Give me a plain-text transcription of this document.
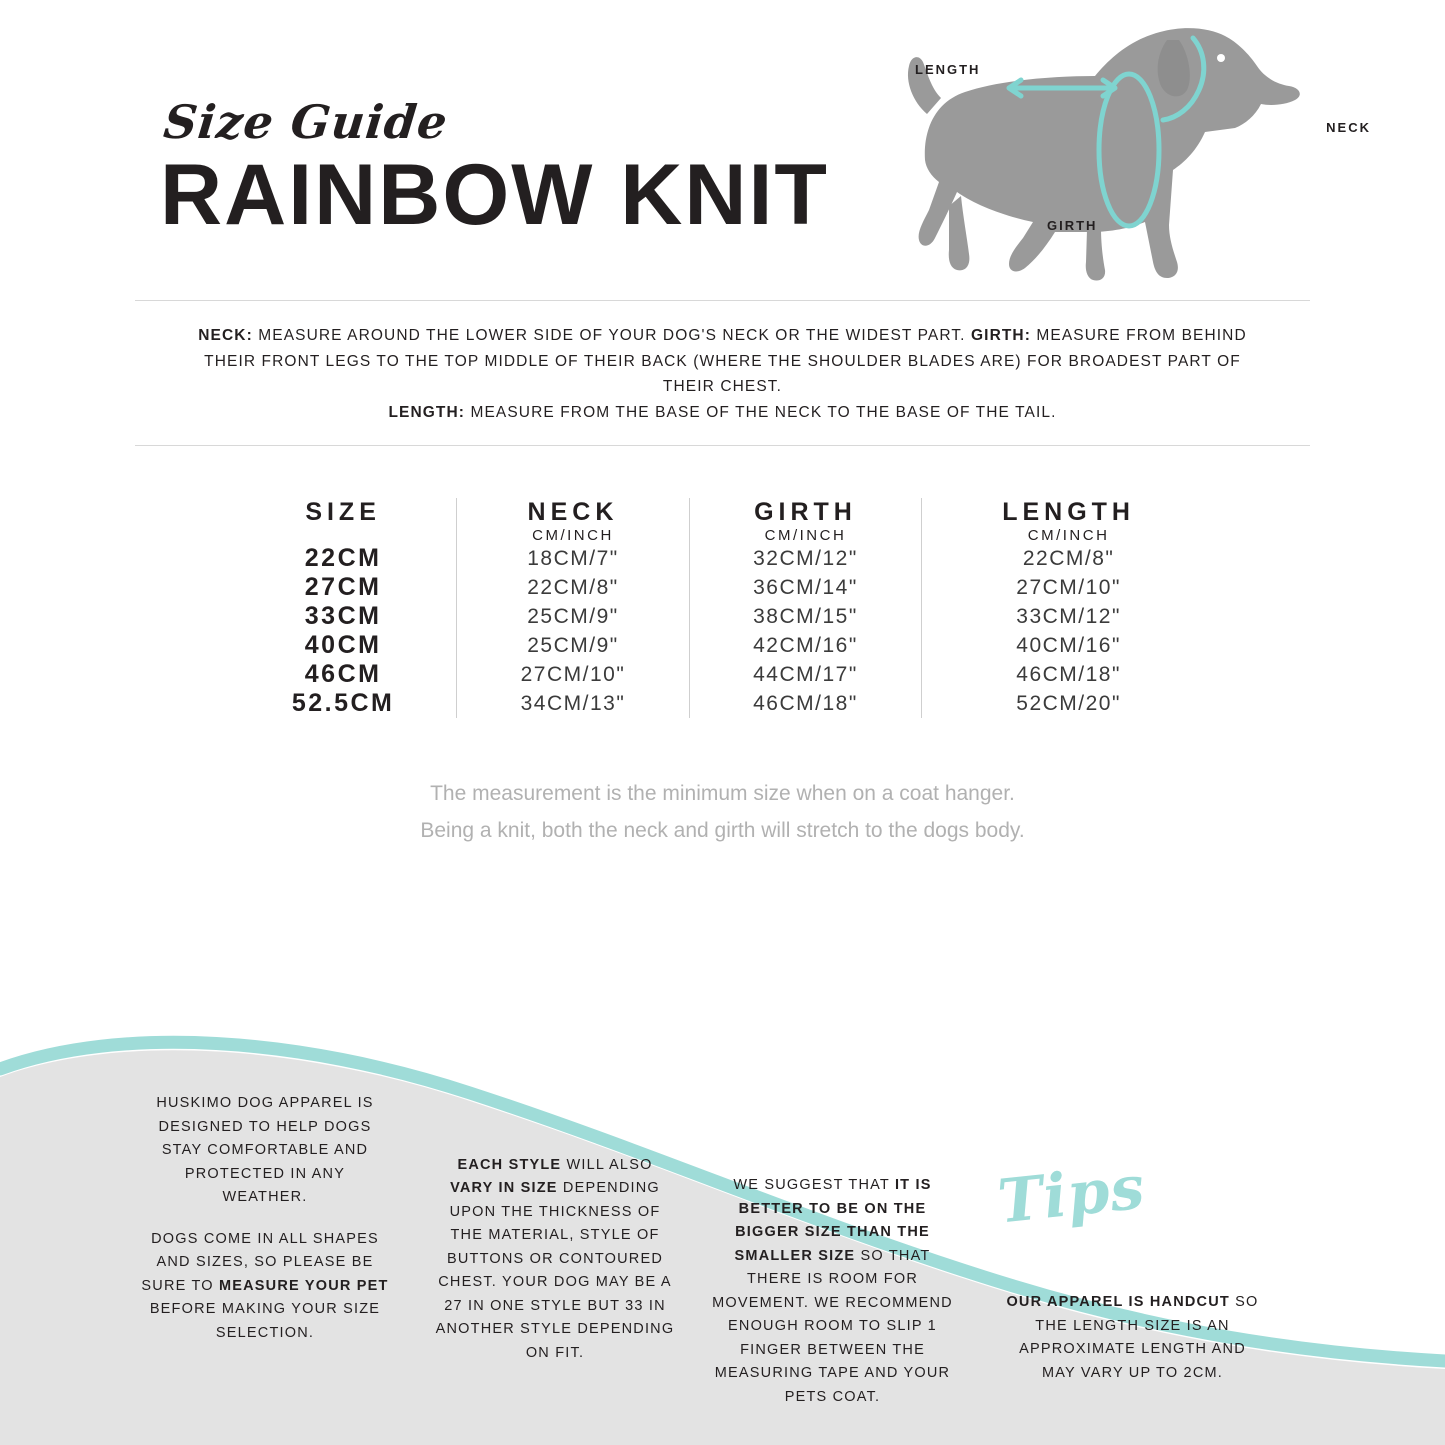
Size Guide
RAINBOW KNIT
LENGTH
NECK
GIRTH
NECK: MEASURE AROUND THE LOWER SIDE OF YOUR DOG'S NECK OR THE WIDEST PART. GIRTH: MEASURE FROM BEHIND THEIR FRONT LEGS TO THE TOP MIDDLE OF THEIR BACK (WHERE THE SHOULDER BLADES ARE) FOR BROADEST PART OF THEIR CHEST.
LENGTH: MEASURE FROM THE BASE OF THE NECK TO THE BASE OF THE TAIL.
SIZE	NECK	GIRTH	LENGTH
	CM/INCH	CM/INCH	CM/INCH
22CM	18CM/7"	32CM/12"	22CM/8"
27CM	22CM/8"	36CM/14"	27CM/10"
33CM	25CM/9"	38CM/15"	33CM/12"
40CM	25CM/9"	42CM/16"	40CM/16"
46CM	27CM/10"	44CM/17"	46CM/18"
52.5CM	34CM/13"	46CM/18"	52CM/20"
The measurement is the minimum size when on a coat hanger.
Being a knit, both the neck and girth will stretch to the dogs body.
Tips

HUSKIMO DOG APPAREL IS DESIGNED TO HELP DOGS STAY COMFORTABLE AND PROTECTED IN ANY WEATHER.

DOGS COME IN ALL SHAPES AND SIZES, SO PLEASE BE SURE TO MEASURE YOUR PET BEFORE MAKING YOUR SIZE SELECTION.

EACH STYLE WILL ALSO VARY IN SIZE DEPENDING UPON THE THICKNESS OF THE MATERIAL, STYLE OF BUTTONS OR CONTOURED CHEST. YOUR DOG MAY BE A 27 IN ONE STYLE BUT 33 IN ANOTHER STYLE DEPENDING ON FIT.

WE SUGGEST THAT IT IS BETTER TO BE ON THE BIGGER SIZE THAN THE SMALLER SIZE SO THAT THERE IS ROOM FOR MOVEMENT. WE RECOMMEND ENOUGH ROOM TO SLIP 1 FINGER BETWEEN THE MEASURING TAPE AND YOUR PETS COAT.

OUR APPAREL IS HANDCUT SO THE LENGTH SIZE IS AN APPROXIMATE LENGTH AND MAY VARY UP TO 2CM.
